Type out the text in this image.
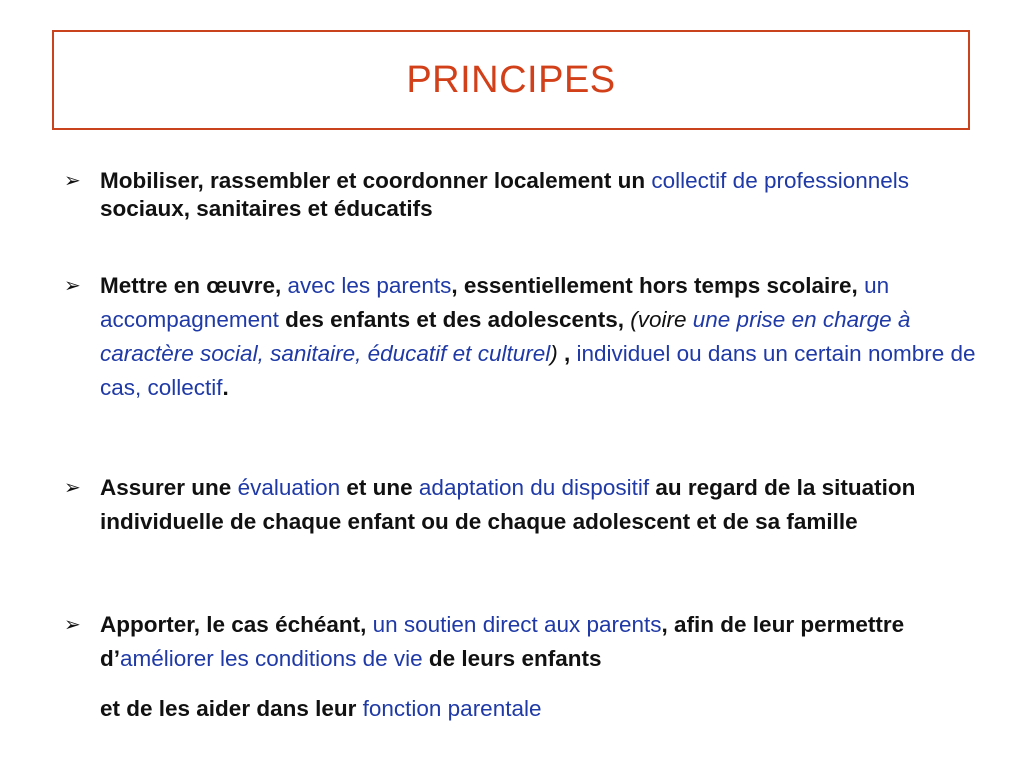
PRINCIPES
➢ Mobiliser, rassembler et coordonner localement un collectif de professionnels sociaux, sanitaires et éducatifs
➢ Mettre en œuvre, avec les parents, essentiellement hors temps scolaire, un accompagnement des enfants et des adolescents, (voire une prise en charge à caractère social, sanitaire, éducatif et culturel) , individuel ou dans un certain nombre de cas, collectif.
➢ Assurer une évaluation et une adaptation du dispositif au regard de la situation individuelle de chaque enfant ou de chaque adolescent et de sa famille
➢ Apporter, le cas échéant, un soutien direct aux parents, afin de leur permettre d’améliorer les conditions de vie de leurs enfants
et de les aider dans leur fonction parentale
